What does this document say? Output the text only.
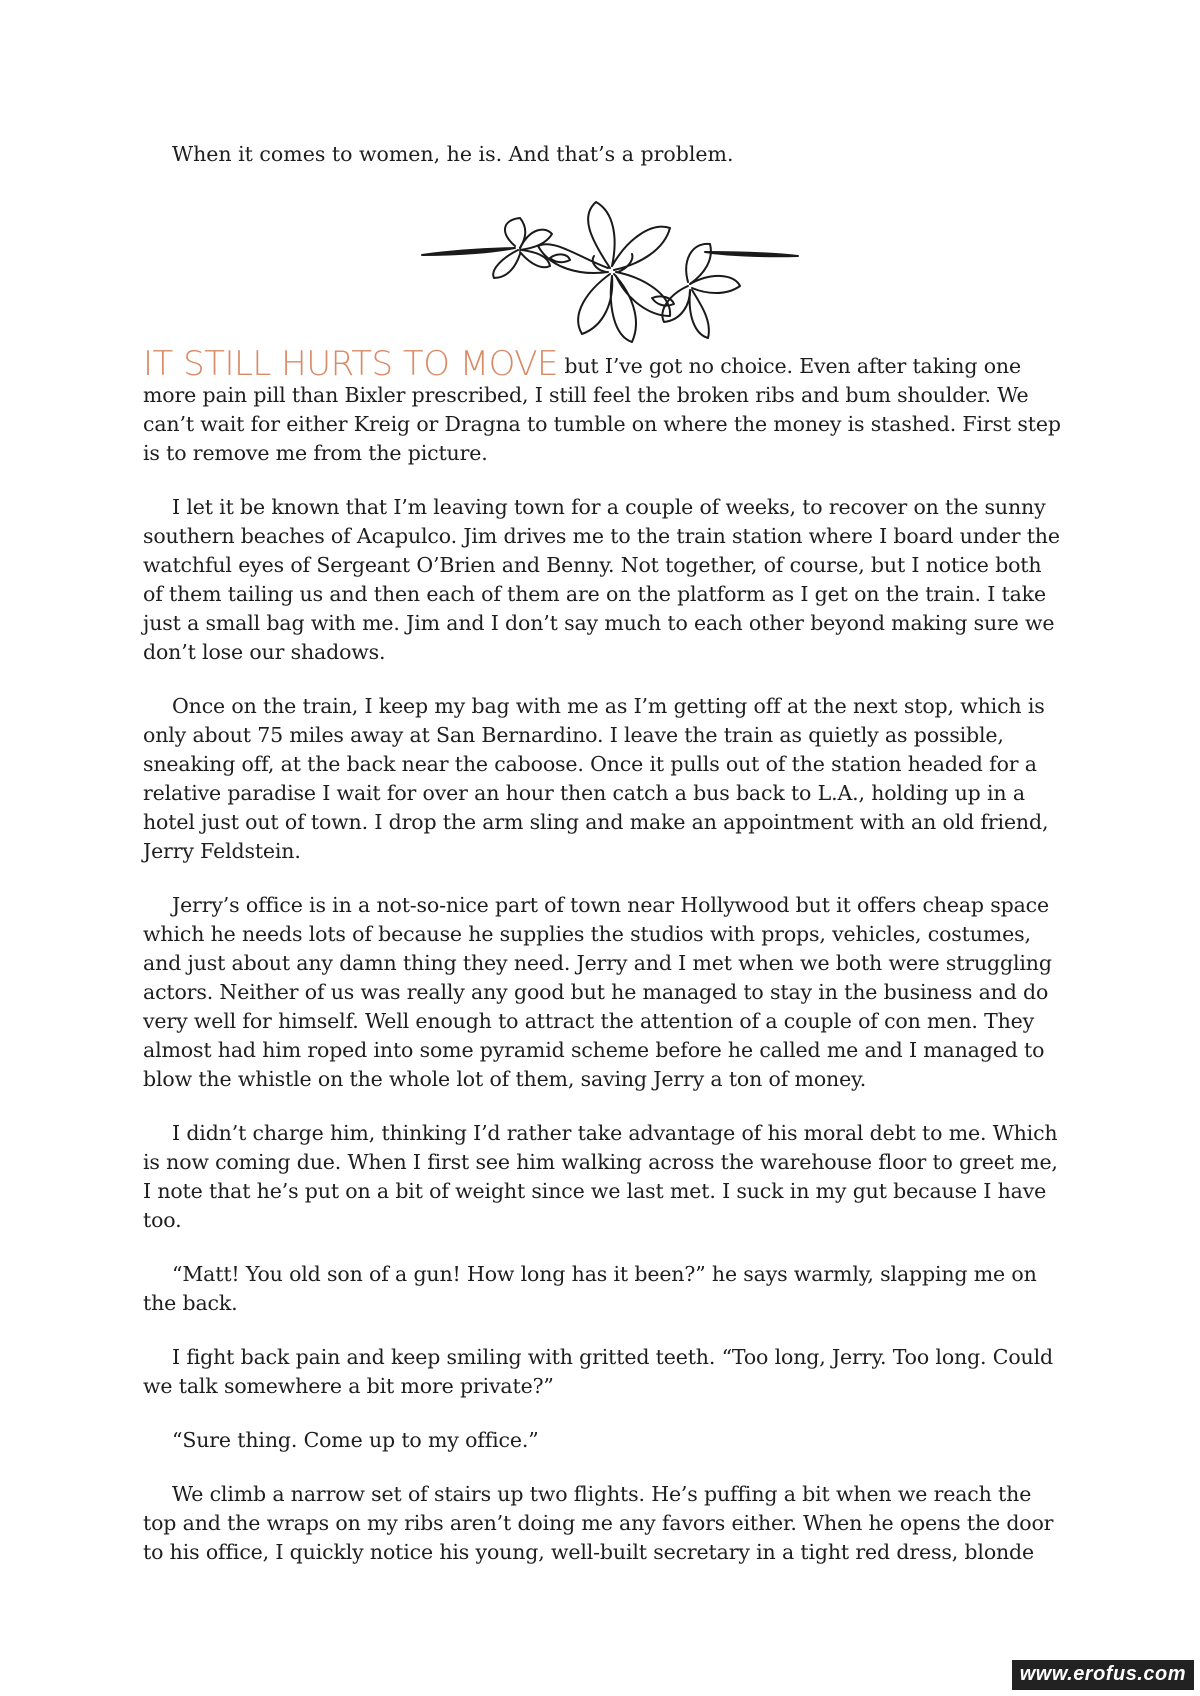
When it comes to women, he is. And that’s a problem.

IT STILL HURTS TO MOVE but I’ve got no choice. Even after taking one more pain pill than Bixler prescribed, I still feel the broken ribs and bum shoulder. We can’t wait for either Kreig or Dragna to tumble on where the money is stashed. First step is to remove me from the picture.

I let it be known that I’m leaving town for a couple of weeks, to recover on the sunny southern beaches of Acapulco. Jim drives me to the train station where I board under the watchful eyes of Sergeant O’Brien and Benny. Not together, of course, but I notice both of them tailing us and then each of them are on the platform as I get on the train. I take just a small bag with me. Jim and I don’t say much to each other beyond making sure we don’t lose our shadows.

Once on the train, I keep my bag with me as I’m getting off at the next stop, which is only about 75 miles away at San Bernardino. I leave the train as quietly as possible, sneaking off, at the back near the caboose. Once it pulls out of the station headed for a relative paradise I wait for over an hour then catch a bus back to L.A., holding up in a hotel just out of town. I drop the arm sling and make an appointment with an old friend, Jerry Feldstein.

Jerry’s office is in a not-so-nice part of town near Hollywood but it offers cheap space which he needs lots of because he supplies the studios with props, vehicles, costumes, and just about any damn thing they need. Jerry and I met when we both were struggling actors. Neither of us was really any good but he managed to stay in the business and do very well for himself. Well enough to attract the attention of a couple of con men. They almost had him roped into some pyramid scheme before he called me and I managed to blow the whistle on the whole lot of them, saving Jerry a ton of money.

I didn’t charge him, thinking I’d rather take advantage of his moral debt to me. Which is now coming due. When I first see him walking across the warehouse floor to greet me, I note that he’s put on a bit of weight since we last met. I suck in my gut because I have too.

“Matt! You old son of a gun! How long has it been?” he says warmly, slapping me on the back.

I fight back pain and keep smiling with gritted teeth. “Too long, Jerry. Too long. Could we talk somewhere a bit more private?”

“Sure thing. Come up to my office.”

We climb a narrow set of stairs up two flights. He’s puffing a bit when we reach the top and the wraps on my ribs aren’t doing me any favors either. When he opens the door to his office, I quickly notice his young, well-built secretary in a tight red dress, blonde

www.erofus.com
